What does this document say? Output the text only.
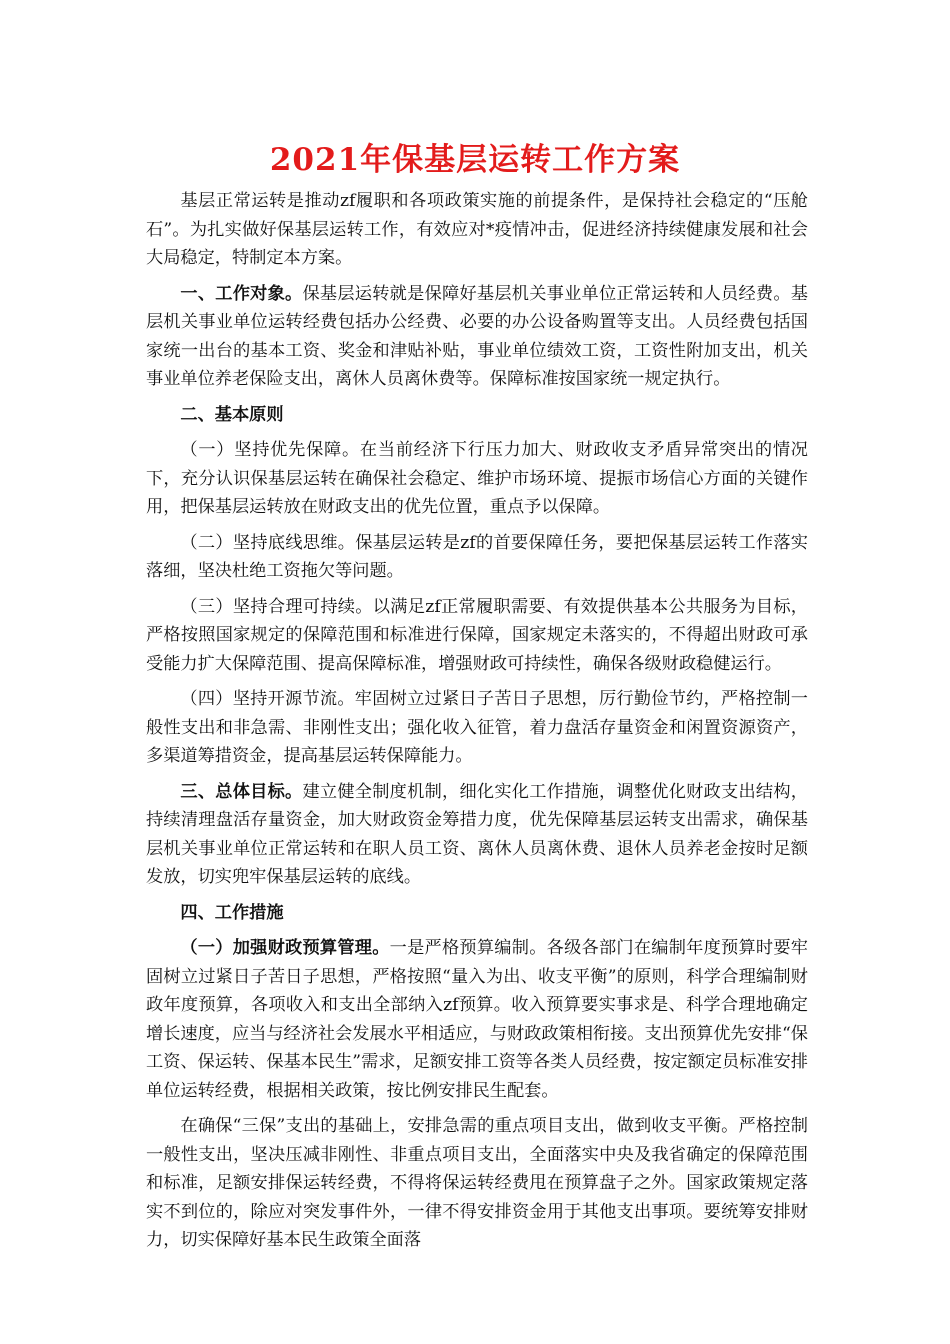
2021年保基层运转工作方案

基层正常运转是推动zf履职和各项政策实施的前提条件，是保持社会稳定的“压舱石”。为扎实做好保基层运转工作，有效应对*疫情冲击，促进经济持续健康发展和社会大局稳定，特制定本方案。

一、工作对象。保基层运转就是保障好基层机关事业单位正常运转和人员经费。基层机关事业单位运转经费包括办公经费、必要的办公设备购置等支出。人员经费包括国家统一出台的基本工资、奖金和津贴补贴，事业单位绩效工资，工资性附加支出，机关事业单位养老保险支出，离休人员离休费等。保障标准按国家统一规定执行。

二、基本原则

（一）坚持优先保障。在当前经济下行压力加大、财政收支矛盾异常突出的情况下，充分认识保基层运转在确保社会稳定、维护市场环境、提振市场信心方面的关键作用，把保基层运转放在财政支出的优先位置，重点予以保障。

（二）坚持底线思维。保基层运转是zf的首要保障任务，要把保基层运转工作落实落细，坚决杜绝工资拖欠等问题。

（三）坚持合理可持续。以满足zf正常履职需要、有效提供基本公共服务为目标，严格按照国家规定的保障范围和标准进行保障，国家规定未落实的，不得超出财政可承受能力扩大保障范围、提高保障标准，增强财政可持续性，确保各级财政稳健运行。

（四）坚持开源节流。牢固树立过紧日子苦日子思想，厉行勤俭节约，严格控制一般性支出和非急需、非刚性支出；强化收入征管，着力盘活存量资金和闲置资源资产，多渠道筹措资金，提高基层运转保障能力。

三、总体目标。建立健全制度机制，细化实化工作措施，调整优化财政支出结构，持续清理盘活存量资金，加大财政资金筹措力度，优先保障基层运转支出需求，确保基层机关事业单位正常运转和在职人员工资、离休人员离休费、退休人员养老金按时足额发放，切实兜牢保基层运转的底线。

四、工作措施

（一）加强财政预算管理。一是严格预算编制。各级各部门在编制年度预算时要牢固树立过紧日子苦日子思想，严格按照“量入为出、收支平衡”的原则，科学合理编制财政年度预算，各项收入和支出全部纳入zf预算。收入预算要实事求是、科学合理地确定增长速度，应当与经济社会发展水平相适应，与财政政策相衔接。支出预算优先安排“保工资、保运转、保基本民生”需求，足额安排工资等各类人员经费，按定额定员标准安排单位运转经费，根据相关政策，按比例安排民生配套。

在确保“三保”支出的基础上，安排急需的重点项目支出，做到收支平衡。严格控制一般性支出，坚决压减非刚性、非重点项目支出，全面落实中央及我省确定的保障范围和标准，足额安排保运转经费，不得将保运转经费甩在预算盘子之外。国家政策规定落实不到位的，除应对突发事件外，一律不得安排资金用于其他支出事项。要统筹安排财力，切实保障好基本民生政策全面落
